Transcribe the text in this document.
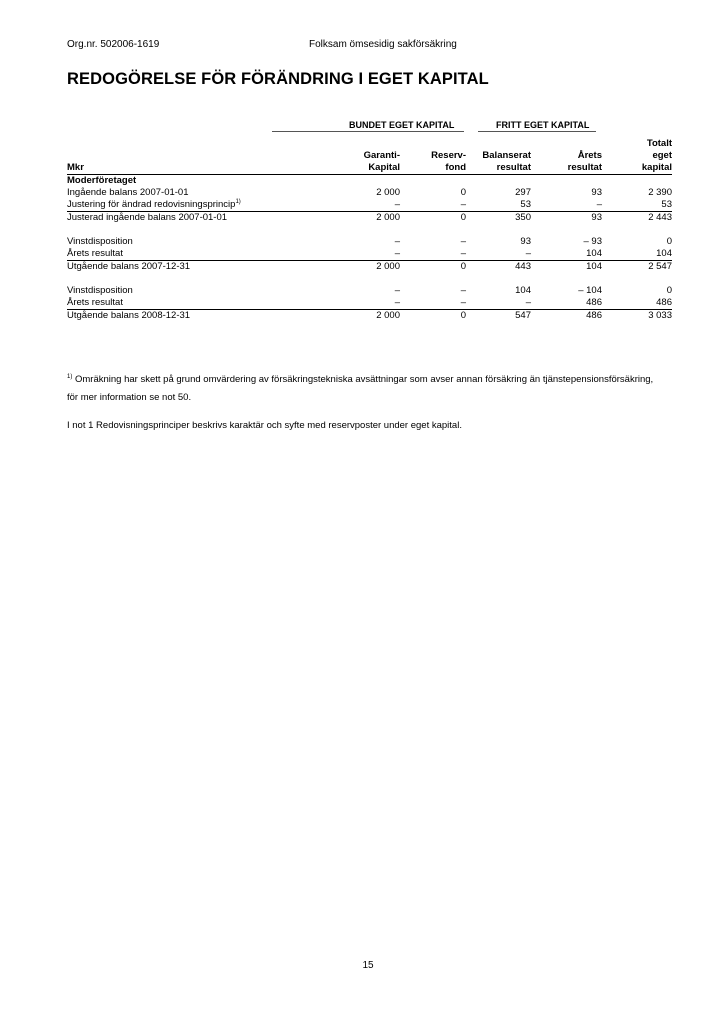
Org.nr. 502006-1619	Folksam ömsesidig sakförsäkring
REDOGÖRELSE FÖR FÖRÄNDRING I EGET KAPITAL
BUNDET EGET KAPITAL	FRITT EGET KAPITAL
					Totalt
	Garanti-	Reserv-	Balanserat	Årets	eget
Mkr	Kapital	fond	resultat	resultat	kapital
Moderföretaget					
Ingående balans 2007-01-01	2 000	0	297	93	2 390
Justering för ändrad redovisningsprincip$^{1)}$	–	–	53	–	53
Justerad ingående balans 2007-01-01	2 000	0	350	93	2 443

Vinstdisposition	–	–	93	– 93	0
Årets resultat	–	–	–	104	104
Utgående balans 2007-12-31	2 000	0	443	104	2 547

Vinstdisposition	–	–	104	– 104	0
Årets resultat	–	–	–	486	486
Utgående balans 2008-12-31	2 000	0	547	486	3 033
$^{1)}$ Omräkning har skett på grund omvärdering av försäkringstekniska avsättningar som avser annan försäkring än tjänstepensionsförsäkring,
för mer information se not 50.
I not 1 Redovisningsprinciper beskrivs karaktär och syfte med reservposter under eget kapital.
15
